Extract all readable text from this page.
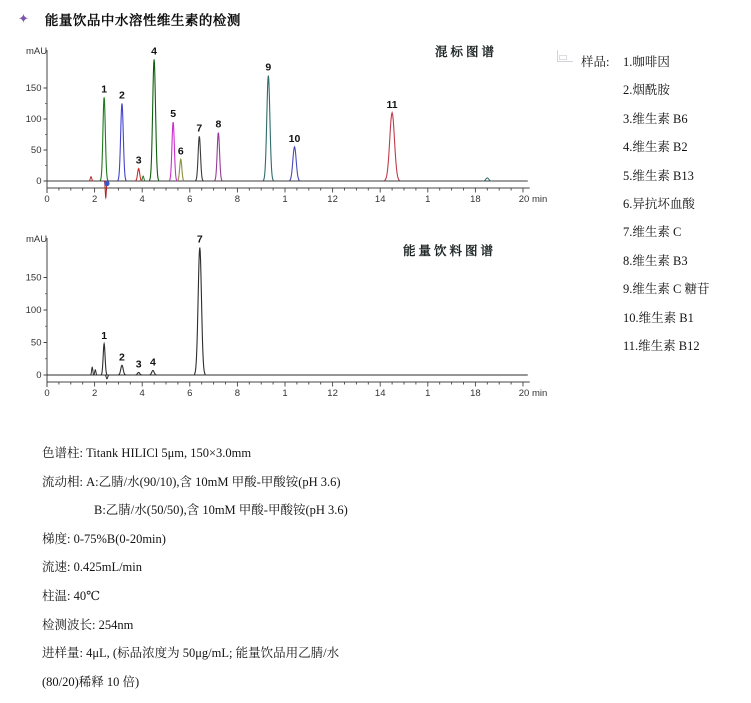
✦ 能量饮品中水溶性维生素的检测
0
50
100
150
mAU
0	2	4	6	8	1	12	14	1	18	20 min
1
2
3
4
5
6
7 8
9
10
11
混标图谱
0
50
100
150
mAU
0	2	4	6	8	1	12	14	1	18	20 min
1
2
3 4
7
能量饮料图谱
样品:	1.咖啡因
2.烟酰胺
3.维生素 B6
4.维生素 B2
5.维生素 B13
6.异抗坏血酸
7.维生素 C
8.维生素 B3
9.维生素 C 糖苷
10.维生素 B1
11.维生素 B12
色谱柱: Titank HILICl 5μm, 150×3.0mm
流动相: A:乙腈/水(90/10),含 10mM 甲酸-甲酸铵(pH 3.6)
B:乙腈/水(50/50),含 10mM 甲酸-甲酸铵(pH 3.6)
梯度: 0-75%B(0-20min)
流速: 0.425mL/min
柱温: 40℃
检测波长: 254nm
进样量: 4μL, (标品浓度为 50μg/mL; 能量饮品用乙腈/水
(80/20)稀释 10 倍)
